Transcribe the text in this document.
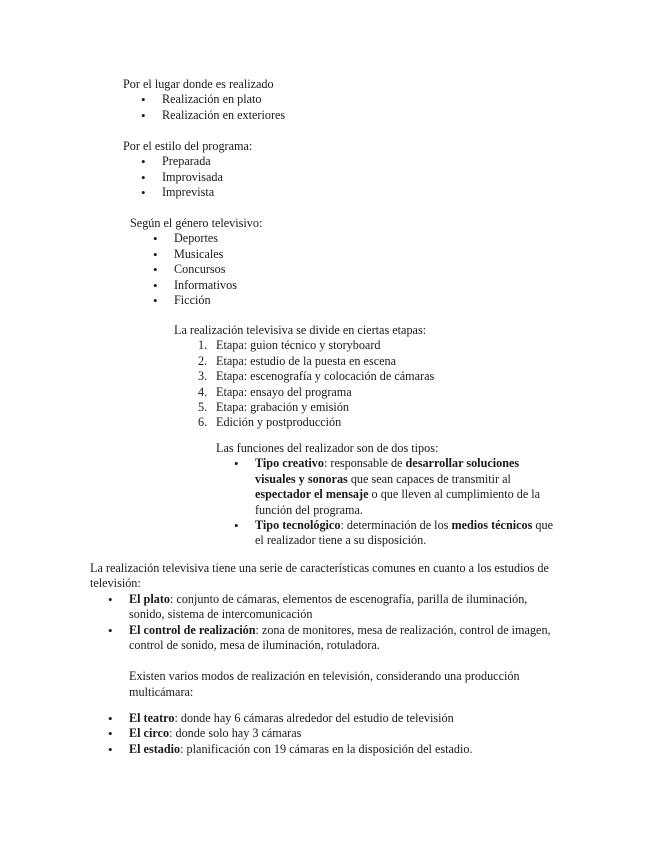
Por el lugar donde es realizado

• Realización en plato
• Realización en exteriores

Por el estilo del programa:

• Preparada
• Improvisada
• Imprevista

Según el género televisivo:

• Deportes
• Musicales
• Concursos
• Informativos
• Ficción

La realización televisiva se divide en ciertas etapas:

1. Etapa: guion técnico y storyboard
2. Etapa: estudio de la puesta en escena
3. Etapa: escenografía y colocación de cámaras
4. Etapa: ensayo del programa
5. Etapa: grabación y emisión
6. Edición y postproducción

Las funciones del realizador son de dos tipos:

• Tipo creativo: responsable de desarrollar soluciones visuales y sonoras que sean capaces de transmitir al espectador el mensaje o que lleven al cumplimiento de la función del programa.
• Tipo tecnológico: determinación de los medios técnicos que el realizador tiene a su disposición.

La realización televisiva tiene una serie de características comunes en cuanto a los estudios de televisión:

• El plato: conjunto de cámaras, elementos de escenografía, parilla de iluminación, sonido, sistema de intercomunicación
• El control de realización: zona de monitores, mesa de realización, control de imagen, control de sonido, mesa de iluminación, rotuladora.

Existen varios modos de realización en televisión, considerando una producción multicámara:

• El teatro: donde hay 6 cámaras alrededor del estudio de televisión
• El circo: donde solo hay 3 cámaras
• El estadio: planificación con 19 cámaras en la disposición del estadio.
